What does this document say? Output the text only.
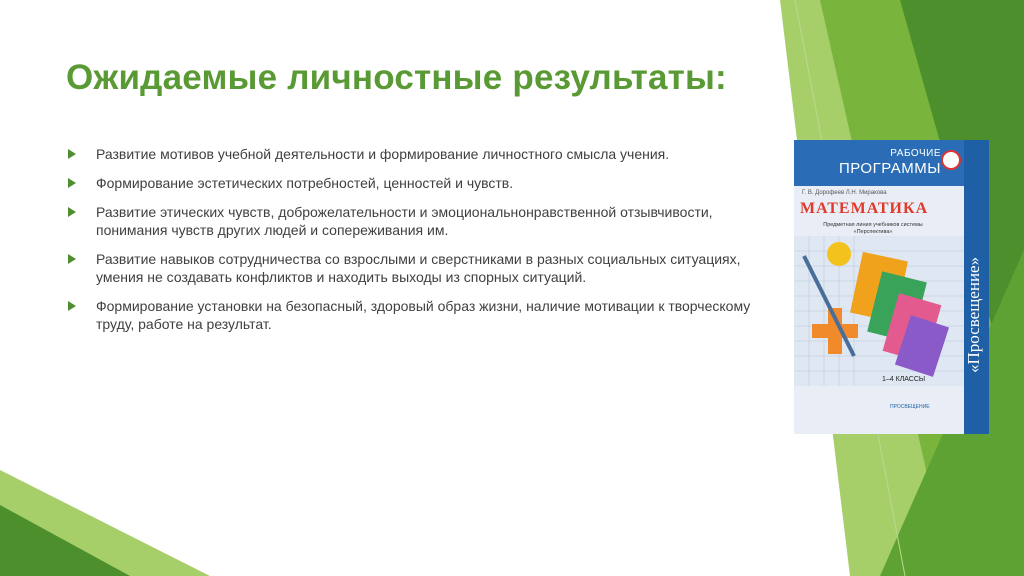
Ожидаемые личностные результаты:
Развитие мотивов учебной деятельности и формирование личностного смысла учения.
Формирование эстетических потребностей, ценностей и чувств.
Развитие этических чувств, доброжелательности и эмоциональнонравственной отзывчивости, понимания чувств других людей и сопереживания им.
Развитие навыков сотрудничества со взрослыми и сверстниками в разных социальных ситуациях, умения не создавать конфликтов и находить выходы из спорных ситуаций.
Формирование установки на безопасный, здоровый образ жизни, наличие мотивации к творческому труду, работе на результат.
РАБОЧИЕ
ПРОГРАММЫ
Г. В. Дорофеев Л.Н. Миракова
МАТЕМАТИКА
Предметная линия учебников системы «Перспектива»
1–4 КЛАССЫ
ПРОСВЕЩЕНИЕ
«Просвещение»
